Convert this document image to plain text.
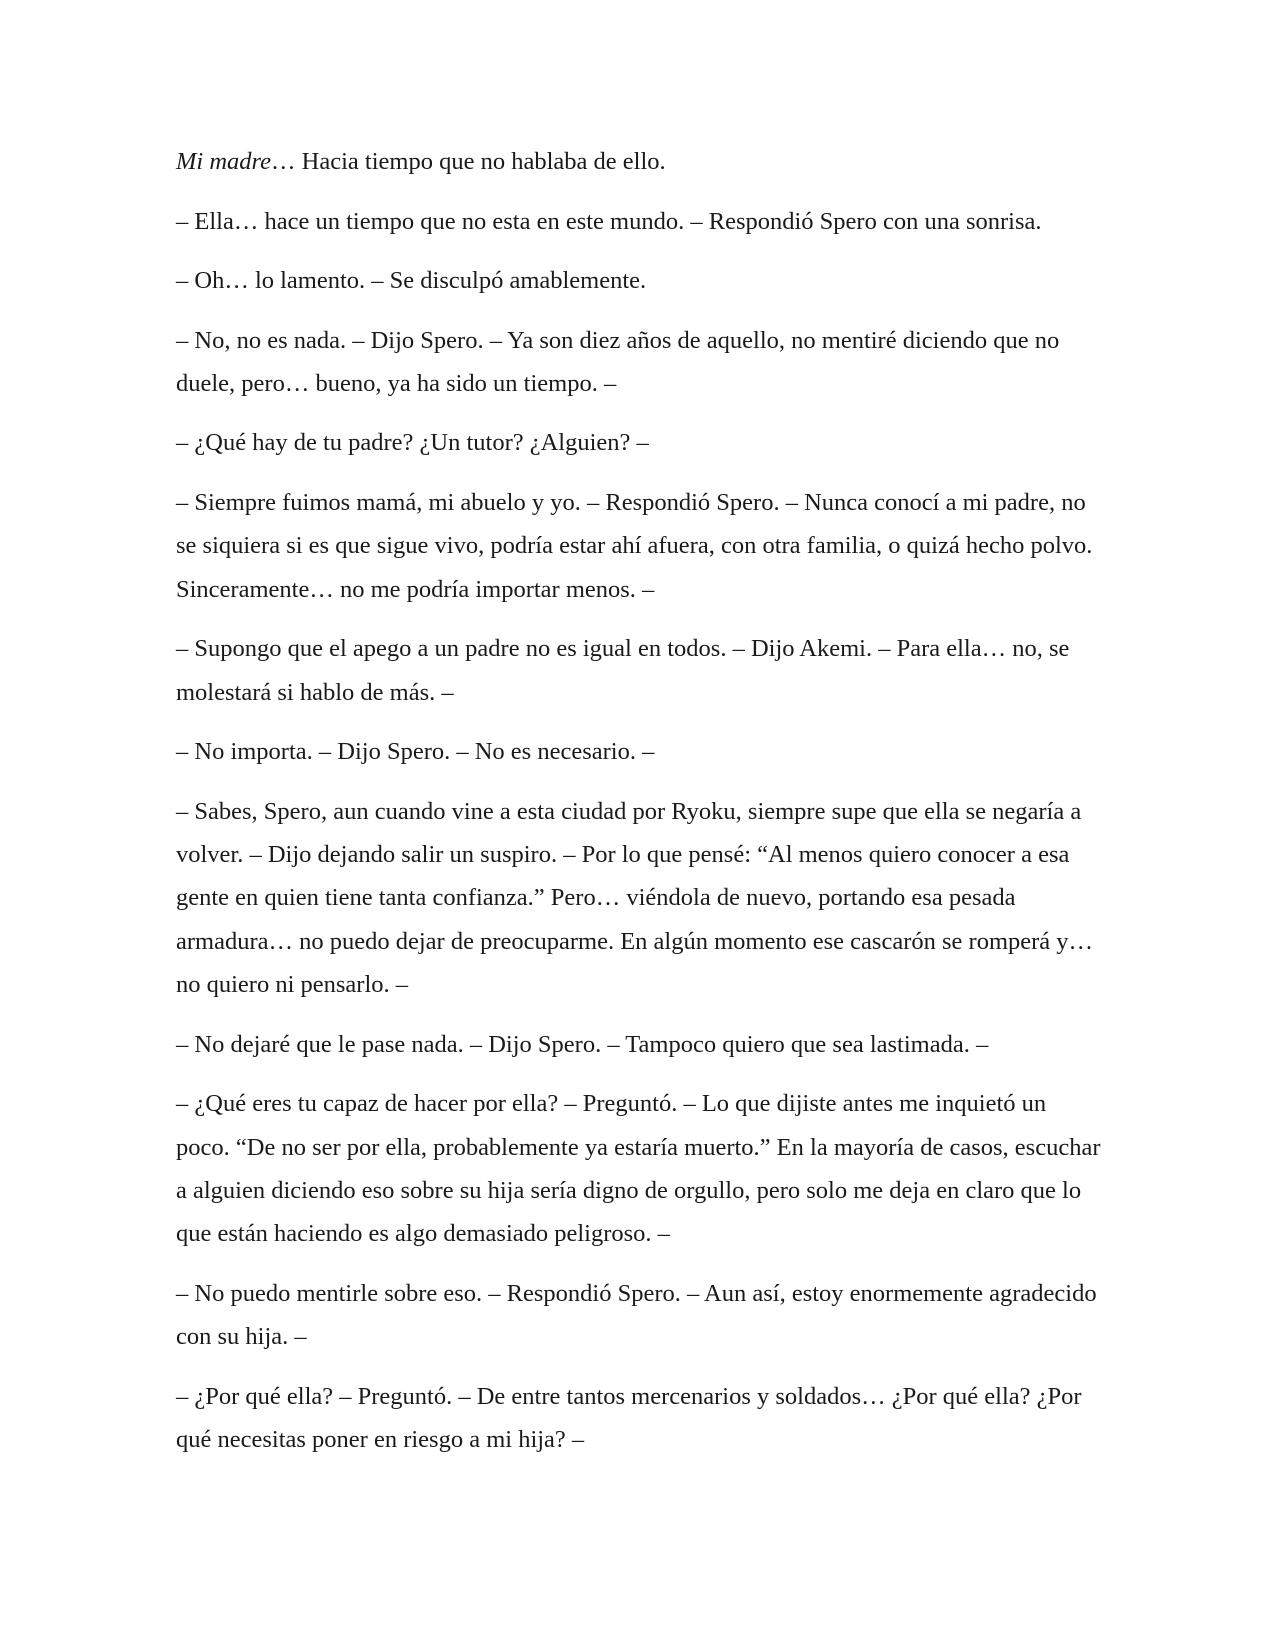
Mi madre… Hacia tiempo que no hablaba de ello.

– Ella… hace un tiempo que no esta en este mundo. – Respondió Spero con una sonrisa.

– Oh… lo lamento. – Se disculpó amablemente.

– No, no es nada. – Dijo Spero. – Ya son diez años de aquello, no mentiré diciendo que no duele, pero… bueno, ya ha sido un tiempo. –

– ¿Qué hay de tu padre? ¿Un tutor? ¿Alguien? –

– Siempre fuimos mamá, mi abuelo y yo. – Respondió Spero. – Nunca conocí a mi padre, no se siquiera si es que sigue vivo, podría estar ahí afuera, con otra familia, o quizá hecho polvo. Sinceramente… no me podría importar menos. –

– Supongo que el apego a un padre no es igual en todos. – Dijo Akemi. – Para ella… no, se molestará si hablo de más. –

– No importa. – Dijo Spero. – No es necesario. –

– Sabes, Spero, aun cuando vine a esta ciudad por Ryoku, siempre supe que ella se negaría a volver. – Dijo dejando salir un suspiro. – Por lo que pensé: “Al menos quiero conocer a esa gente en quien tiene tanta confianza.” Pero… viéndola de nuevo, portando esa pesada armadura… no puedo dejar de preocuparme. En algún momento ese cascarón se romperá y… no quiero ni pensarlo. –

– No dejaré que le pase nada. – Dijo Spero. – Tampoco quiero que sea lastimada. –

– ¿Qué eres tu capaz de hacer por ella? – Preguntó. – Lo que dijiste antes me inquietó un poco. “De no ser por ella, probablemente ya estaría muerto.” En la mayoría de casos, escuchar a alguien diciendo eso sobre su hija sería digno de orgullo, pero solo me deja en claro que lo que están haciendo es algo demasiado peligroso. –

– No puedo mentirle sobre eso. – Respondió Spero. – Aun así, estoy enormemente agradecido con su hija. –

– ¿Por qué ella? – Preguntó. – De entre tantos mercenarios y soldados… ¿Por qué ella? ¿Por qué necesitas poner en riesgo a mi hija? –
